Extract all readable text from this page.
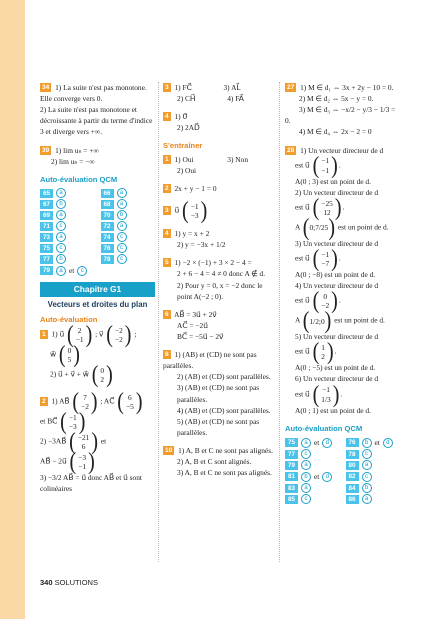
34 1) La suite n'est pas monotone. Elle converge vers 0.
2) La suite n'est pas monotone et décroissante à partir du terme d'indice 3 et diverge vers +∞.
39 1) lim uₙ = +∞
2) lim uₙ = −∞
Auto-évaluation QCM
65	a	66	a
67	b	68	a
69	a	70	b
71	c	72	a
73	a	74	c
75	c	76	c
77	b	78	c
79	a et	c
Chapitre G1
Vecteurs et droites du plan
Auto-évaluation
1 1) u⃗ ( 2
−1 ) ; v⃗ ( −2
−2 ) ;
w⃗ ( 0
5 )
2) u⃗ + v⃗ + w⃗ ( 0
2 )
2 1) AB⃗ ( 7
−2 ) ; AC⃗ ( 6
−5 )
et BC⃗ ( −1
−3 )
2) −3AB⃗ ( −21
6 ) et
AB⃗ − 2u⃗ ( −3
−1 )
3) −3/2 AB⃗ = u⃗ donc AB⃗ et u⃗ sont colinéaires
3 1) FC⃗	3) AL⃗
2) CH⃗	4) FA⃗
4 1) 0⃗
2) 2AD⃗
S'entraîner
1 1) Oui	3) Non
2) Oui
2 2x + y − 1 = 0
3 u⃗ ( −1
−3 )
4 1) y = x + 2
2) y = −3x + 1/2
5 1) −2 × (−1) + 3 × 2 − 4 =
2 + 6 − 4 = 4 ≠ 0 donc A ∉ d.
2) Pour y = 0, x = −2 donc le
point A(−2 ; 0).
6 AB⃗ = 3u⃗ + 2v⃗
AC⃗ = −2u⃗
BC⃗ = −5u⃗ − 2v⃗
8 1) (AB) et (CD) ne sont pas parallèles.
2) (AB) et (CD) sont parallèles.
3) (AB) et (CD) ne sont pas parallèles.
4) (AB) et (CD) sont parallèles.
5) (AB) et (CD) ne sont pas parallèles.
10 1) A, B et C ne sont pas alignés.
2) A, B et C sont alignés.
3) A, B et C ne sont pas alignés.
27 1) M ∈ d₁ ⇔ 3x + 2y − 10 = 0.
2) M ∈ d₂ ⇔ 5x − y = 0.
3) M ∈ d₃ ⇔ −x/2 − y/3 − 1/3 = 0.
4) M ∈ d₄ ⇔ 2x − 2 = 0
28 1) Un vecteur directeur de d
est u⃗ ( −1
−1 ) .
A(0 ; 3) est un point de d.
2) Un vecteur directeur de d
est u⃗ ( −25
12 ) .
A ( 0 ; 7/25 ) est un point de d.
3) Un vecteur directeur de d
est u⃗ ( −1
−7 ) .
A(0 ; −8) est un point de d.
4) Un vecteur directeur de d
est u⃗ ( 0
−2 ) .
A ( 1/2 ; 0 ) est un point de d.
5) Un vecteur directeur de d
est u⃗ ( 1
2 ) .
A(0 ; −5) est un point de d.
6) Un vecteur directeur de d
est u⃗ ( −1
1/3 ) .
A(0 ; 1) est un point de d.
Auto-évaluation QCM
75	a et	d	76	b et	d
77	c	78	c
79	a	80	a
81	b et	d	82	c
83	a	84	b
85	c	86	a
340 SOLUTIONS
